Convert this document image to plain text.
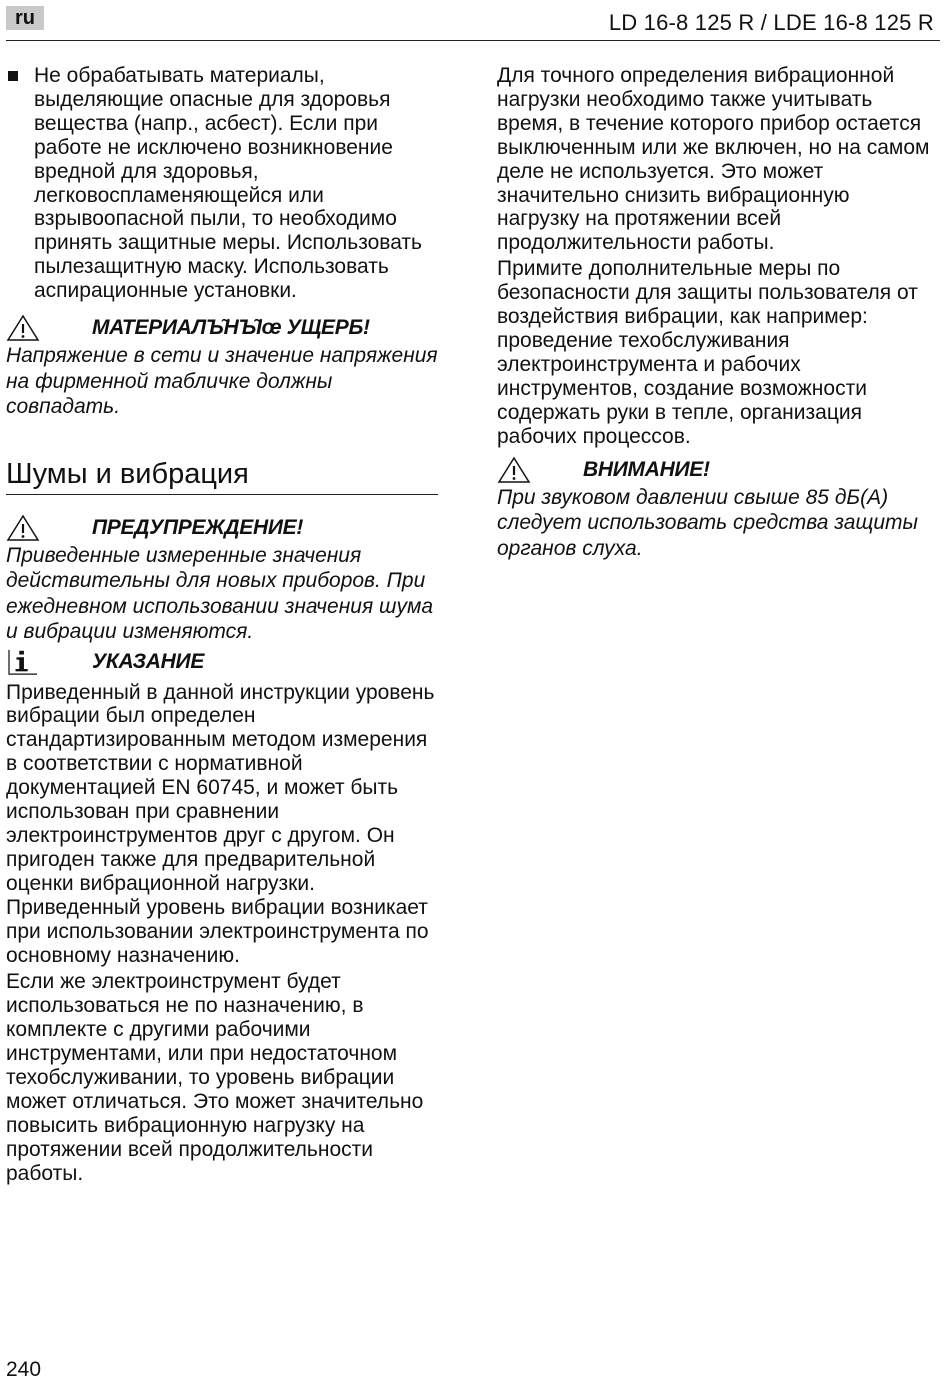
ru	LD 16-8 125 R / LDE 16-8 125 R

Не обрабатывать материалы, выделяющие опасные для здоровья вещества (напр., асбест). Если при работе не исключено возникновение вредной для здоровья, легковоспламеняющейся или взрывоопасной пыли, то необходимо принять защитные меры. Использовать пылезащитную маску. Использовать аспирационные установки.

МАТЕРИАЛЪ͂НЪ͂Iœ УЩЕРБ!

Напряжение в сети и значение напряжения на фирменной табличке должны совпадать.

Шумы и вибрация
ПРЕДУПРЕЖДЕНИЕ!

Приведенные измеренные значения действительны для новых приборов. При ежедневном использовании значения шума и вибрации изменяются.

УКАЗАНИЕ

Приведенный в данной инструкции уровень вибрации был определен стандартизированным методом измерения в соответствии с нормативной документацией EN 60745, и может быть использован при сравнении электроинструментов друг с другом. Он пригоден также для предварительной оценки вибрационной нагрузки. Приведенный уровень вибрации возникает при использовании электроинструмента по основному назначению.

Если же электроинструмент будет использоваться не по назначению, в комплекте с другими рабочими инструментами, или при недостаточном техобслуживании, то уровень вибрации может отличаться. Это может значительно повысить вибрационную нагрузку на протяжении всей продолжительности работы.

Для точного определения вибрационной нагрузки необходимо также учитывать время, в течение которого прибор остается выключенным или же включен, но на самом деле не используется. Это может значительно снизить вибрационную нагрузку на протяжении всей продолжительности работы.

Примите дополнительные меры по безопасности для защиты пользователя от воздействия вибрации, как например: проведение техобслуживания электроинструмента и рабочих инструментов, создание возможности содержать руки в тепле, организация рабочих процессов.

ВНИМАНИЕ!

При звуковом давлении свыше 85 дБ(A) следует использовать средства защиты органов слуха.

240
